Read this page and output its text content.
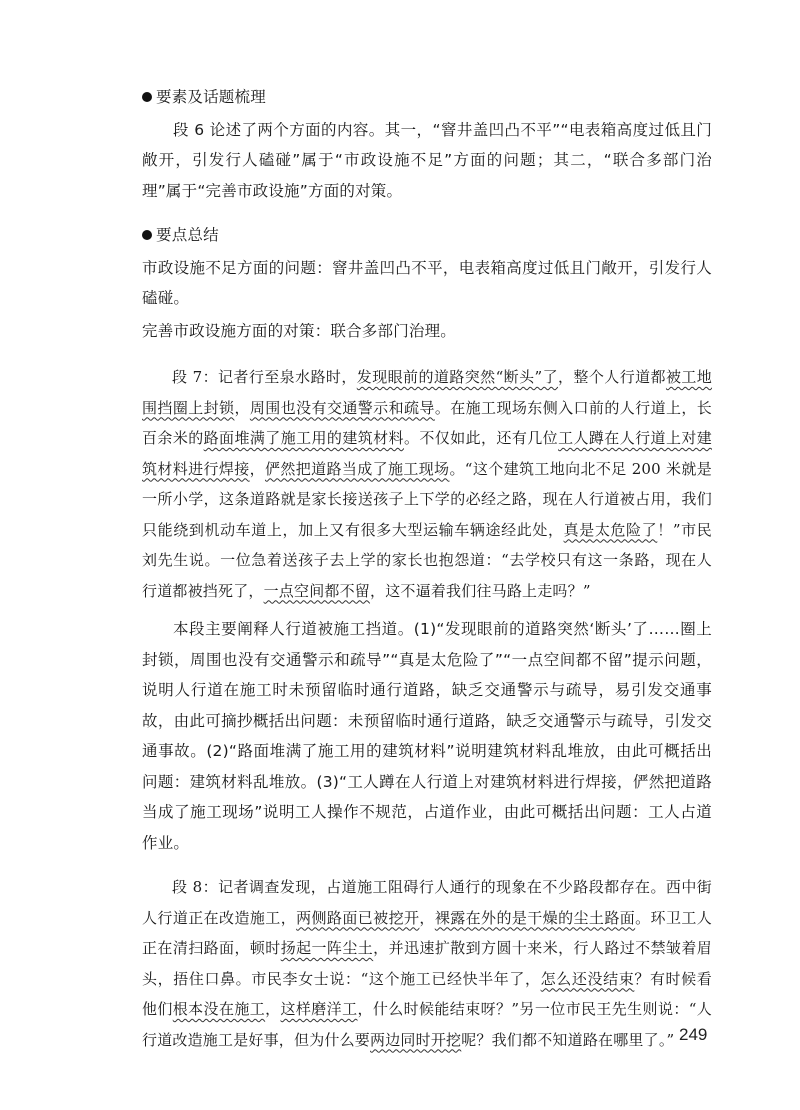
要素及话题梳理

段 6 论述了两个方面的内容。其一，“窨井盖凹凸不平”“电表箱高度过低且门敞开，引发行人磕碰”属于“市政设施不足”方面的问题；其二，“联合多部门治理”属于“完善市政设施”方面的对策。

要点总结

市政设施不足方面的问题：窨井盖凹凸不平，电表箱高度过低且门敞开，引发行人磕碰。

完善市政设施方面的对策：联合多部门治理。

段 7：记者行至泉水路时，发现眼前的道路突然“断头”了，整个人行道都被工地围挡圈上封锁，周围也没有交通警示和疏导。在施工现场东侧入口前的人行道上，长百余米的路面堆满了施工用的建筑材料。不仅如此，还有几位工人蹲在人行道上对建筑材料进行焊接，俨然把道路当成了施工现场。“这个建筑工地向北不足 200 米就是一所小学，这条道路就是家长接送孩子上下学的必经之路，现在人行道被占用，我们只能绕到机动车道上，加上又有很多大型运输车辆途经此处，真是太危险了！”市民刘先生说。一位急着送孩子去上学的家长也抱怨道：“去学校只有这一条路，现在人行道都被挡死了，一点空间都不留，这不逼着我们往马路上走吗？”

本段主要阐释人行道被施工挡道。(1)“发现眼前的道路突然‘断头’了……圈上封锁，周围也没有交通警示和疏导”“真是太危险了”“一点空间都不留”提示问题，说明人行道在施工时未预留临时通行道路，缺乏交通警示与疏导，易引发交通事故，由此可摘抄概括出问题：未预留临时通行道路，缺乏交通警示与疏导，引发交通事故。(2)“路面堆满了施工用的建筑材料”说明建筑材料乱堆放，由此可概括出问题：建筑材料乱堆放。(3)“工人蹲在人行道上对建筑材料进行焊接，俨然把道路当成了施工现场”说明工人操作不规范，占道作业，由此可概括出问题：工人占道作业。

段 8：记者调查发现，占道施工阻碍行人通行的现象在不少路段都存在。西中街人行道正在改造施工，两侧路面已被挖开，裸露在外的是干燥的尘土路面。环卫工人正在清扫路面，顿时扬起一阵尘土，并迅速扩散到方圆十来米，行人路过不禁皱着眉头，捂住口鼻。市民李女士说：“这个施工已经快半年了，怎么还没结束？有时候看他们根本没在施工，这样磨洋工，什么时候能结束呀？”另一位市民王先生则说：“人行道改造施工是好事，但为什么要两边同时开挖呢？我们都不知道路在哪里了。” 249
